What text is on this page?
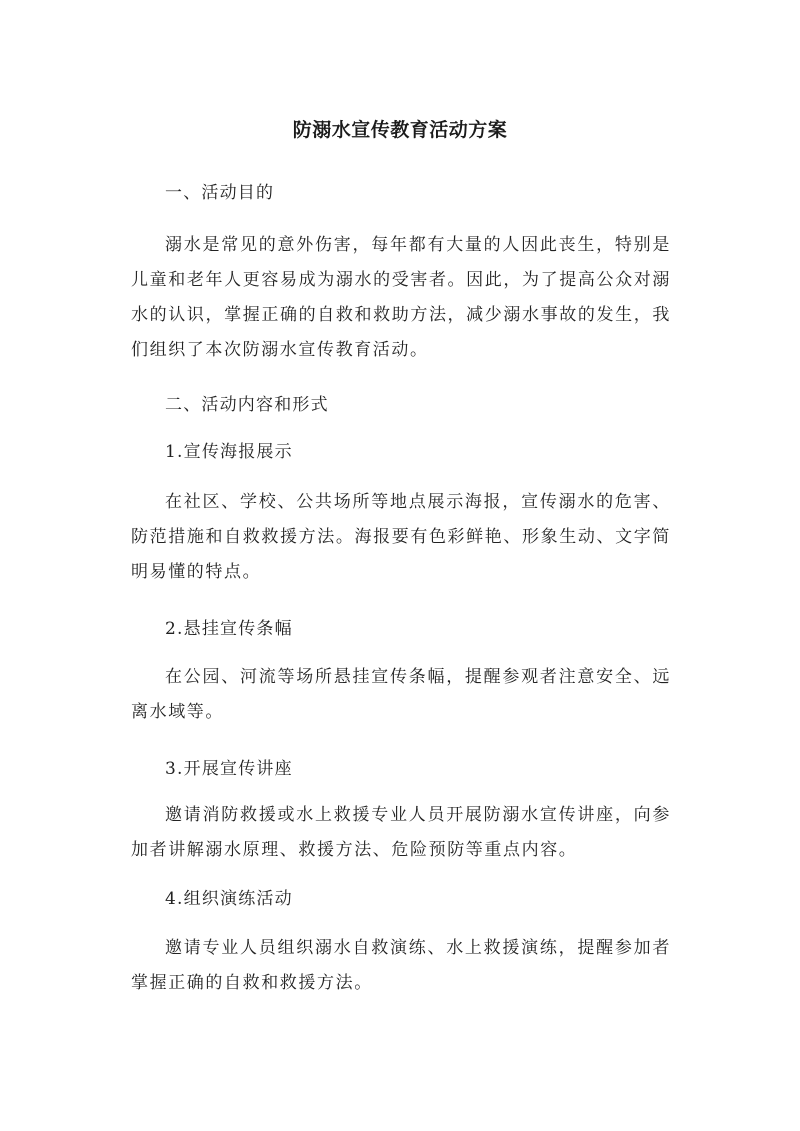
防溺水宣传教育活动方案
一、活动目的

溺水是常见的意外伤害，每年都有大量的人因此丧生，特别是儿童和老年人更容易成为溺水的受害者。因此，为了提高公众对溺水的认识，掌握正确的自救和救助方法，减少溺水事故的发生，我们组织了本次防溺水宣传教育活动。

二、活动内容和形式
1.宣传海报展示

在社区、学校、公共场所等地点展示海报，宣传溺水的危害、防范措施和自救救援方法。海报要有色彩鲜艳、形象生动、文字简明易懂的特点。

2.悬挂宣传条幅

在公园、河流等场所悬挂宣传条幅，提醒参观者注意安全、远离水域等。

3.开展宣传讲座

邀请消防救援或水上救援专业人员开展防溺水宣传讲座，向参加者讲解溺水原理、救援方法、危险预防等重点内容。

4.组织演练活动

邀请专业人员组织溺水自救演练、水上救援演练，提醒参加者掌握正确的自救和救援方法。
